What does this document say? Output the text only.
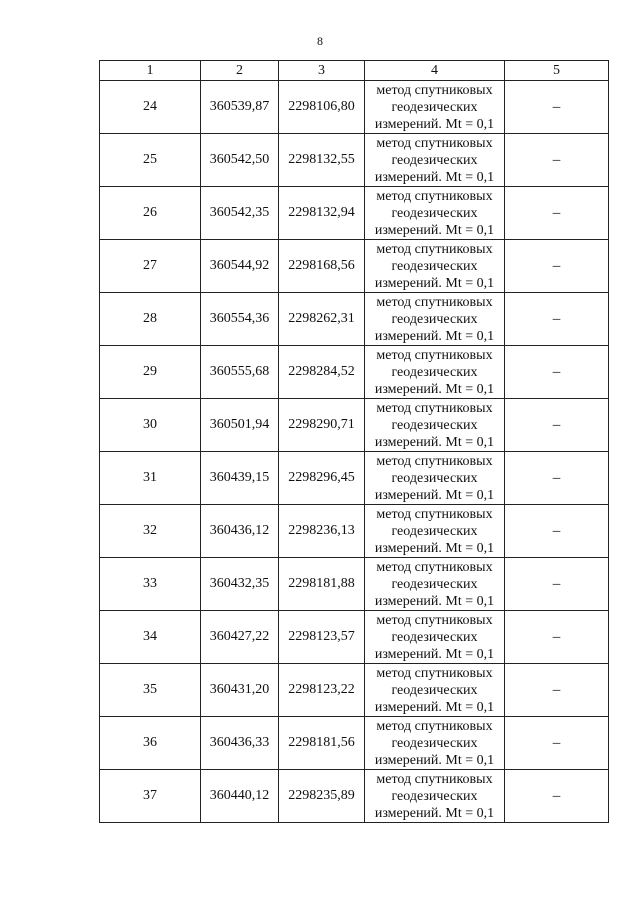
8
1	2	3	4	5
24	360539,87	2298106,80	метод спутниковых
геодезических
измерений. Mt = 0,1	–
25	360542,50	2298132,55	метод спутниковых
геодезических
измерений. Mt = 0,1	–
26	360542,35	2298132,94	метод спутниковых
геодезических
измерений. Mt = 0,1	–
27	360544,92	2298168,56	метод спутниковых
геодезических
измерений. Mt = 0,1	–
28	360554,36	2298262,31	метод спутниковых
геодезических
измерений. Mt = 0,1	–
29	360555,68	2298284,52	метод спутниковых
геодезических
измерений. Mt = 0,1	–
30	360501,94	2298290,71	метод спутниковых
геодезических
измерений. Mt = 0,1	–
31	360439,15	2298296,45	метод спутниковых
геодезических
измерений. Mt = 0,1	–
32	360436,12	2298236,13	метод спутниковых
геодезических
измерений. Mt = 0,1	–
33	360432,35	2298181,88	метод спутниковых
геодезических
измерений. Mt = 0,1	–
34	360427,22	2298123,57	метод спутниковых
геодезических
измерений. Mt = 0,1	–
35	360431,20	2298123,22	метод спутниковых
геодезических
измерений. Mt = 0,1	–
36	360436,33	2298181,56	метод спутниковых
геодезических
измерений. Mt = 0,1	–
37	360440,12	2298235,89	метод спутниковых
геодезических
измерений. Mt = 0,1	–
